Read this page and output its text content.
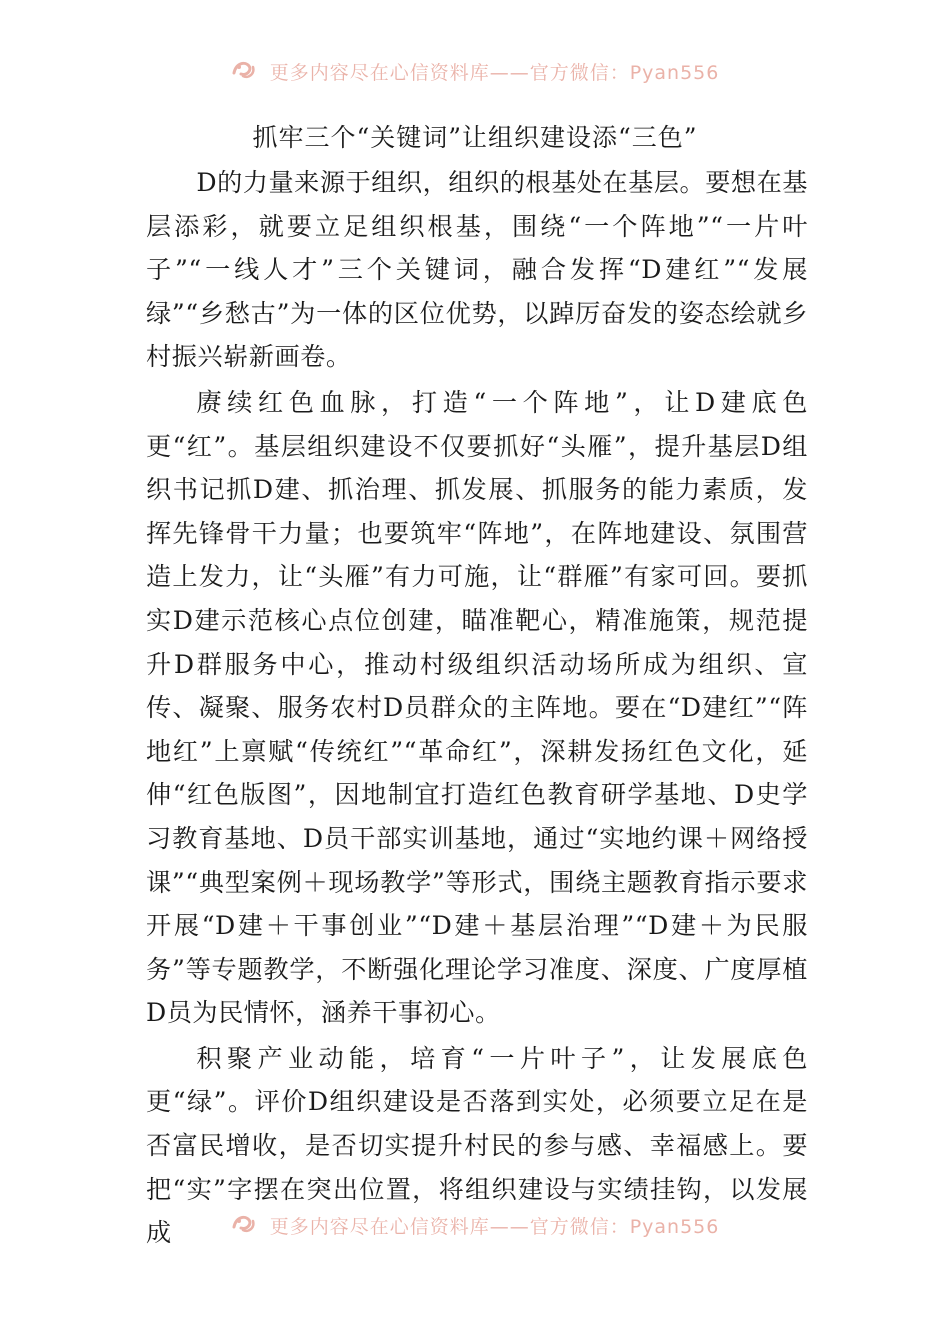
更多内容尽在心信资料库——官方微信：Pyan556
抓牢三个“关键词”让组织建设添“三色”

D的力量来源于组织，组织的根基处在基层。要想在基层添彩，就要立足组织根基，围绕“一个阵地”“一片叶子”“一线人才”三个关键词，融合发挥“D建红”“发展绿”“乡愁古”为一体的区位优势，以踔厉奋发的姿态绘就乡村振兴崭新画卷。

赓续红色血脉，打造“一个阵地”，让D建底色更“红”。基层组织建设不仅要抓好“头雁”，提升基层D组织书记抓D建、抓治理、抓发展、抓服务的能力素质，发挥先锋骨干力量；也要筑牢“阵地”，在阵地建设、氛围营造上发力，让“头雁”有力可施，让“群雁”有家可回。要抓实D建示范核心点位创建，瞄准靶心，精准施策，规范提升D群服务中心，推动村级组织活动场所成为组织、宣传、凝聚、服务农村D员群众的主阵地。要在“D建红”“阵地红”上禀赋“传统红”“革命红”，深耕发扬红色文化，延伸“红色版图”，因地制宜打造红色教育研学基地、D史学习教育基地、D员干部实训基地，通过“实地约课＋网络授课”“典型案例＋现场教学”等形式，围绕主题教育指示要求开展“D建＋干事创业”“D建＋基层治理”“D建＋为民服务”等专题教学，不断强化理论学习准度、深度、广度厚植D员为民情怀，涵养干事初心。

积聚产业动能，培育“一片叶子”，让发展底色更“绿”。评价D组织建设是否落到实处，必须要立足在是否富民增收，是否切实提升村民的参与感、幸福感上。要把“实”字摆在突出位置，将组织建设与实绩挂钩，以发展成	更多内容尽在心信资料库——官方微信：Pyan556
